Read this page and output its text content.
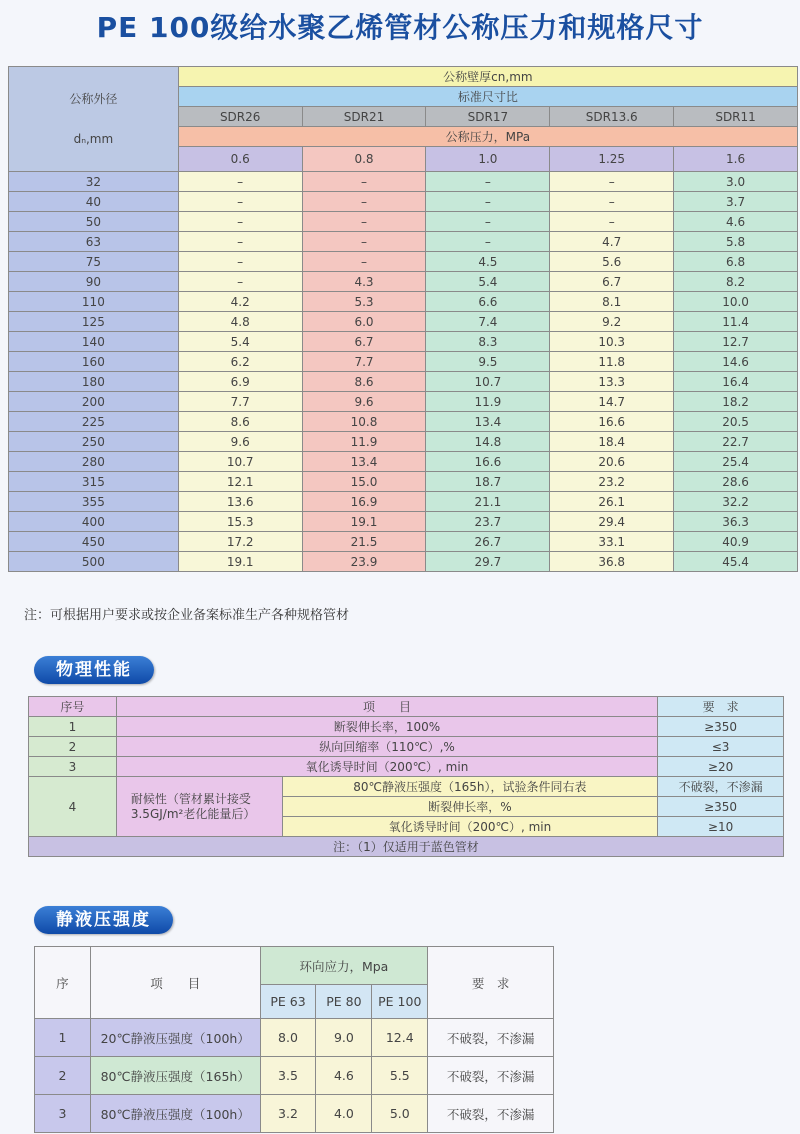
PE 100级给水聚乙烯管材公称压力和规格尺寸
公称外径
dₙ,mm	公称壁厚cn,mm				
	标准尺寸比				
	SDR26	SDR21	SDR17	SDR13.6	SDR11
	公称压力，MPa				
	0.6	0.8	1.0	1.25	1.6

32	–	–	–	–	3.0
40	–	–	–	–	3.7
50	–	–	–	–	4.6
63	–	–	–	4.7	5.8
75	–	–	4.5	5.6	6.8
90	–	4.3	5.4	6.7	8.2
110	4.2	5.3	6.6	8.1	10.0
125	4.8	6.0	7.4	9.2	11.4
140	5.4	6.7	8.3	10.3	12.7
160	6.2	7.7	9.5	11.8	14.6
180	6.9	8.6	10.7	13.3	16.4
200	7.7	9.6	11.9	14.7	18.2
225	8.6	10.8	13.4	16.6	20.5
250	9.6	11.9	14.8	18.4	22.7
280	10.7	13.4	16.6	20.6	25.4
315	12.1	15.0	18.7	23.2	28.6
355	13.6	16.9	21.1	26.1	32.2
400	15.3	19.1	23.7	29.4	36.3
450	17.2	21.5	26.7	33.1	40.9
500	19.1	23.9	29.7	36.8	45.4
注：可根据用户要求或按企业备案标准生产各种规格管材
物理性能
序号	项　　目		要　求
1	断裂伸长率，100%		≥350
2	纵向回缩率（110℃）,%		≤3
3	氧化诱导时间（200℃）, min		≥20
4	耐候性（管材累计接受3.5GJ/m²老化能量后）	80℃静液压强度（165h），试验条件同右表	不破裂，不渗漏
		断裂伸长率，%	≥350
		氧化诱导时间（200℃）, min	≥10
注：（1）仅适用于蓝色管材			
静液压强度
序	项　　目	环向应力，Mpa			要　求
		PE 63	PE 80	PE 100	
1	20℃静液压强度（100h）	8.0	9.0	12.4	不破裂，不渗漏
2	80℃静液压强度（165h）	3.5	4.6	5.5	不破裂，不渗漏
3	80℃静液压强度（100h）	3.2	4.0	5.0	不破裂，不渗漏
